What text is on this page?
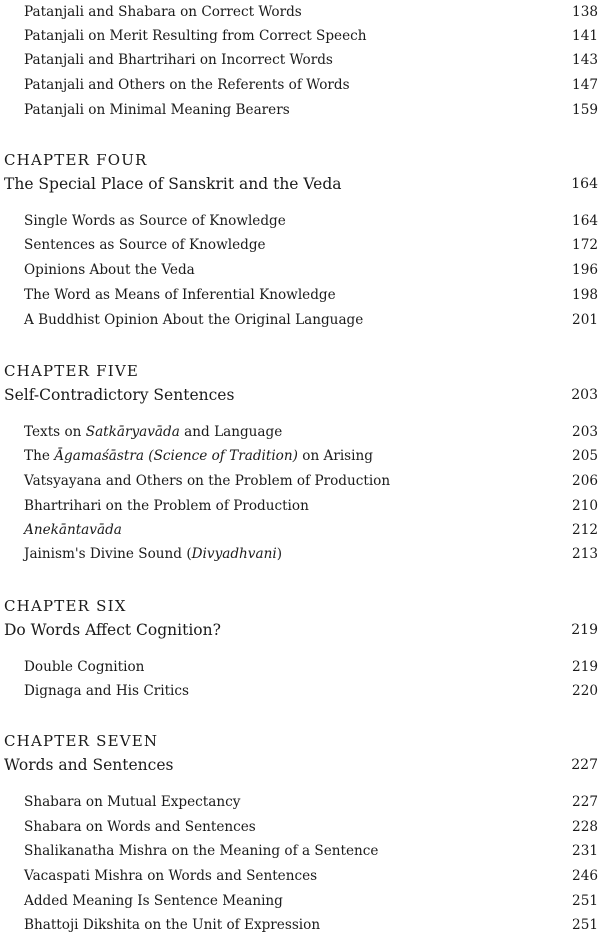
Patanjali and Shabara on Correct Words	138
Patanjali on Merit Resulting from Correct Speech	141
Patanjali and Bhartrihari on Incorrect Words	143
Patanjali and Others on the Referents of Words	147
Patanjali on Minimal Meaning Bearers	159
CHAPTER FOUR
The Special Place of Sanskrit and the Veda	164
Single Words as Source of Knowledge	164
Sentences as Source of Knowledge	172
Opinions About the Veda	196
The Word as Means of Inferential Knowledge	198
A Buddhist Opinion About the Original Language	201
CHAPTER FIVE
Self-Contradictory Sentences	203
Texts on Satkāryavāda and Language	203
The Āgamaśāstra (Science of Tradition) on Arising	205
Vatsyayana and Others on the Problem of Production	206
Bhartrihari on the Problem of Production	210
Anekāntavāda	212
Jainism's Divine Sound (Divyadhvani)	213
CHAPTER SIX
Do Words Affect Cognition?	219
Double Cognition	219
Dignaga and His Critics	220
CHAPTER SEVEN
Words and Sentences	227
Shabara on Mutual Expectancy	227
Shabara on Words and Sentences	228
Shalikanatha Mishra on the Meaning of a Sentence	231
Vacaspati Mishra on Words and Sentences	246
Added Meaning Is Sentence Meaning	251
Bhattoji Dikshita on the Unit of Expression	251
